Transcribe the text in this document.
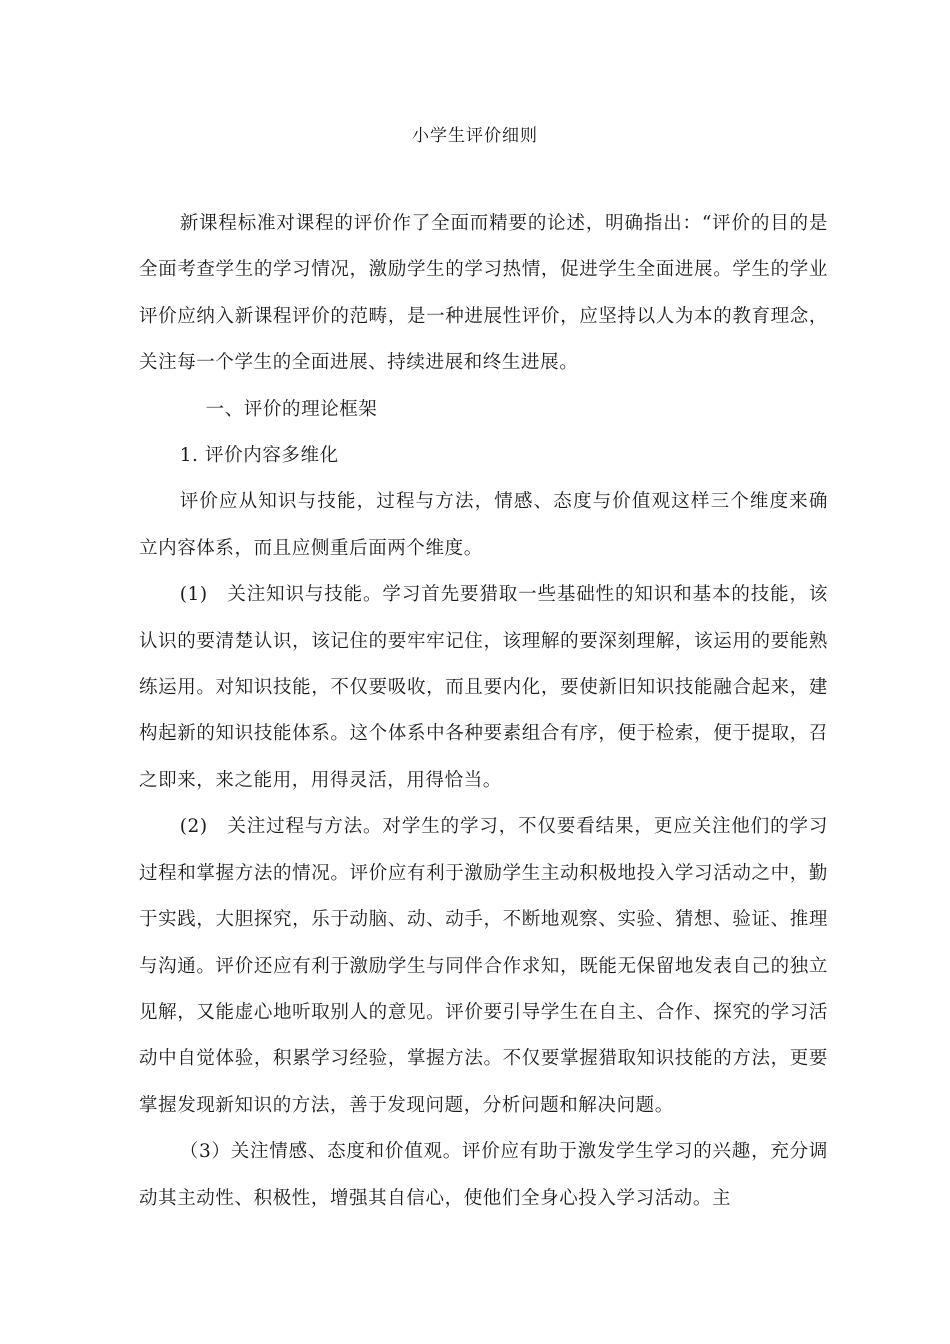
小学生评价细则

新课程标准对课程的评价作了全面而精要的论述，明确指出：“评价的目的是全面考查学生的学习情况，激励学生的学习热情，促进学生全面进展。学生的学业评价应纳入新课程评价的范畴，是一种进展性评价，应坚持以人为本的教育理念，关注每一个学生的全面进展、持续进展和终生进展。

一、评价的理论框架

1. 评价内容多维化

评价应从知识与技能，过程与方法，情感、态度与价值观这样三个维度来确立内容体系，而且应侧重后面两个维度。

(1)　关注知识与技能。学习首先要猎取一些基础性的知识和基本的技能，该认识的要清楚认识，该记住的要牢牢记住，该理解的要深刻理解，该运用的要能熟练运用。对知识技能，不仅要吸收，而且要内化，要使新旧知识技能融合起来，建构起新的知识技能体系。这个体系中各种要素组合有序，便于检索，便于提取，召之即来，来之能用，用得灵活，用得恰当。

(2)　关注过程与方法。对学生的学习，不仅要看结果，更应关注他们的学习过程和掌握方法的情况。评价应有利于激励学生主动积极地投入学习活动之中，勤于实践，大胆探究，乐于动脑、动、动手，不断地观察、实验、猜想、验证、推理与沟通。评价还应有利于激励学生与同伴合作求知，既能无保留地发表自己的独立见解，又能虚心地听取别人的意见。评价要引导学生在自主、合作、探究的学习活动中自觉体验，积累学习经验，掌握方法。不仅要掌握猎取知识技能的方法，更要掌握发现新知识的方法，善于发现问题，分析问题和解决问题。

（3）关注情感、态度和价值观。评价应有助于激发学生学习的兴趣，充分调动其主动性、积极性，增强其自信心，使他们全身心投入学习活动。主
